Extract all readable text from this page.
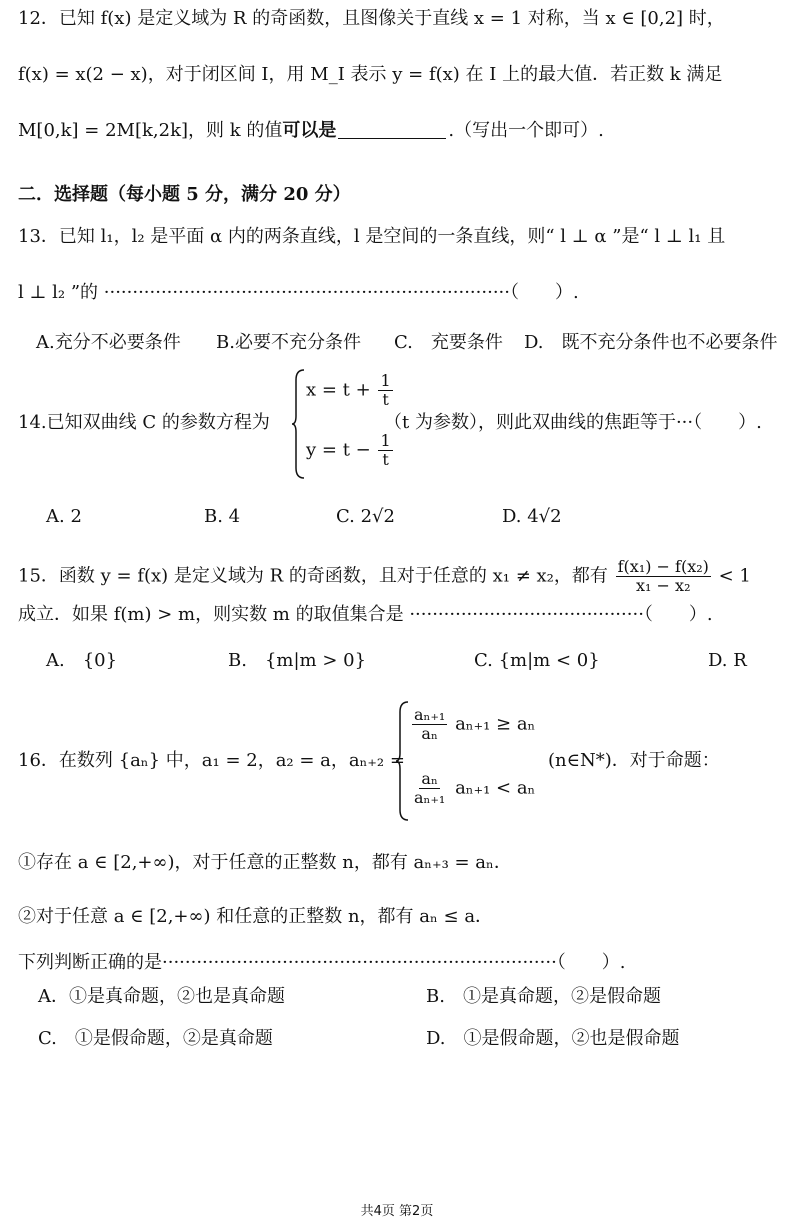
12．已知 f(x) 是定义域为 R 的奇函数，且图像关于直线 x = 1 对称，当 x ∈ [0,2] 时，
f(x) = x(2 − x)，对于闭区间 I，用 M_I 表示 y = f(x) 在 I 上的最大值．若正数 k 满足
M[0,k] = 2M[k,2k]，则 k 的值可以是	.（写出一个即可）.
二．选择题（每小题 5 分，满分 20 分）
13．已知 l₁，l₂ 是平面 α 内的两条直线，l 是空间的一条直线，则“ l ⊥ α ”是“ l ⊥ l₁ 且
l ⊥ l₂ ”的 ·······································································（　　）.
A.充分不必要条件 B.必要不充分条件 C.　充要条件 D.　既不充分条件也不必要条件
14.已知双曲线 C 的参数方程为
$x = t + \frac{1}{t}$
$y = t - \frac{1}{t}$
（t 为参数），则此双曲线的焦距等于···（　　）.
A. 2	B. 4	C. 2√2	D. 4√2
15．函数 y = f(x) 是定义域为 R 的奇函数，且对于任意的 x₁ ≠ x₂，都有 $\frac{\text{f(x₁) − f(x₂)}}{\text{x₁ − x₂}} < 1$
成立．如果 f(m) > m，则实数 m 的取值集合是 ·········································（　　）.
A.　{0}	B.　{m|m > 0}	C. {m|m < 0}	D. R
16．在数列 {aₙ} 中，a₁ = 2，a₂ = a，aₙ₊₂ =
$\frac{\text{aₙ₊₁}}{\text{aₙ}} a_{n+1} \ge a_n$
$\frac{\text{aₙ}}{\text{aₙ₊₁}} a_{n+1} < a_n$
(n∈N*)．对于命题：
①存在 a ∈ [2,+∞)，对于任意的正整数 n，都有 aₙ₊₃ = aₙ．
②对于任意 a ∈ [2,+∞) 和任意的正整数 n，都有 aₙ ≤ a．
下列判断正确的是·····································································（　　）.
A．①是真命题，②也是真命题	B.　①是真命题，②是假命题
C.　①是假命题，②是真命题	D.　①是假命题，②也是假命题
共4页 第2页
